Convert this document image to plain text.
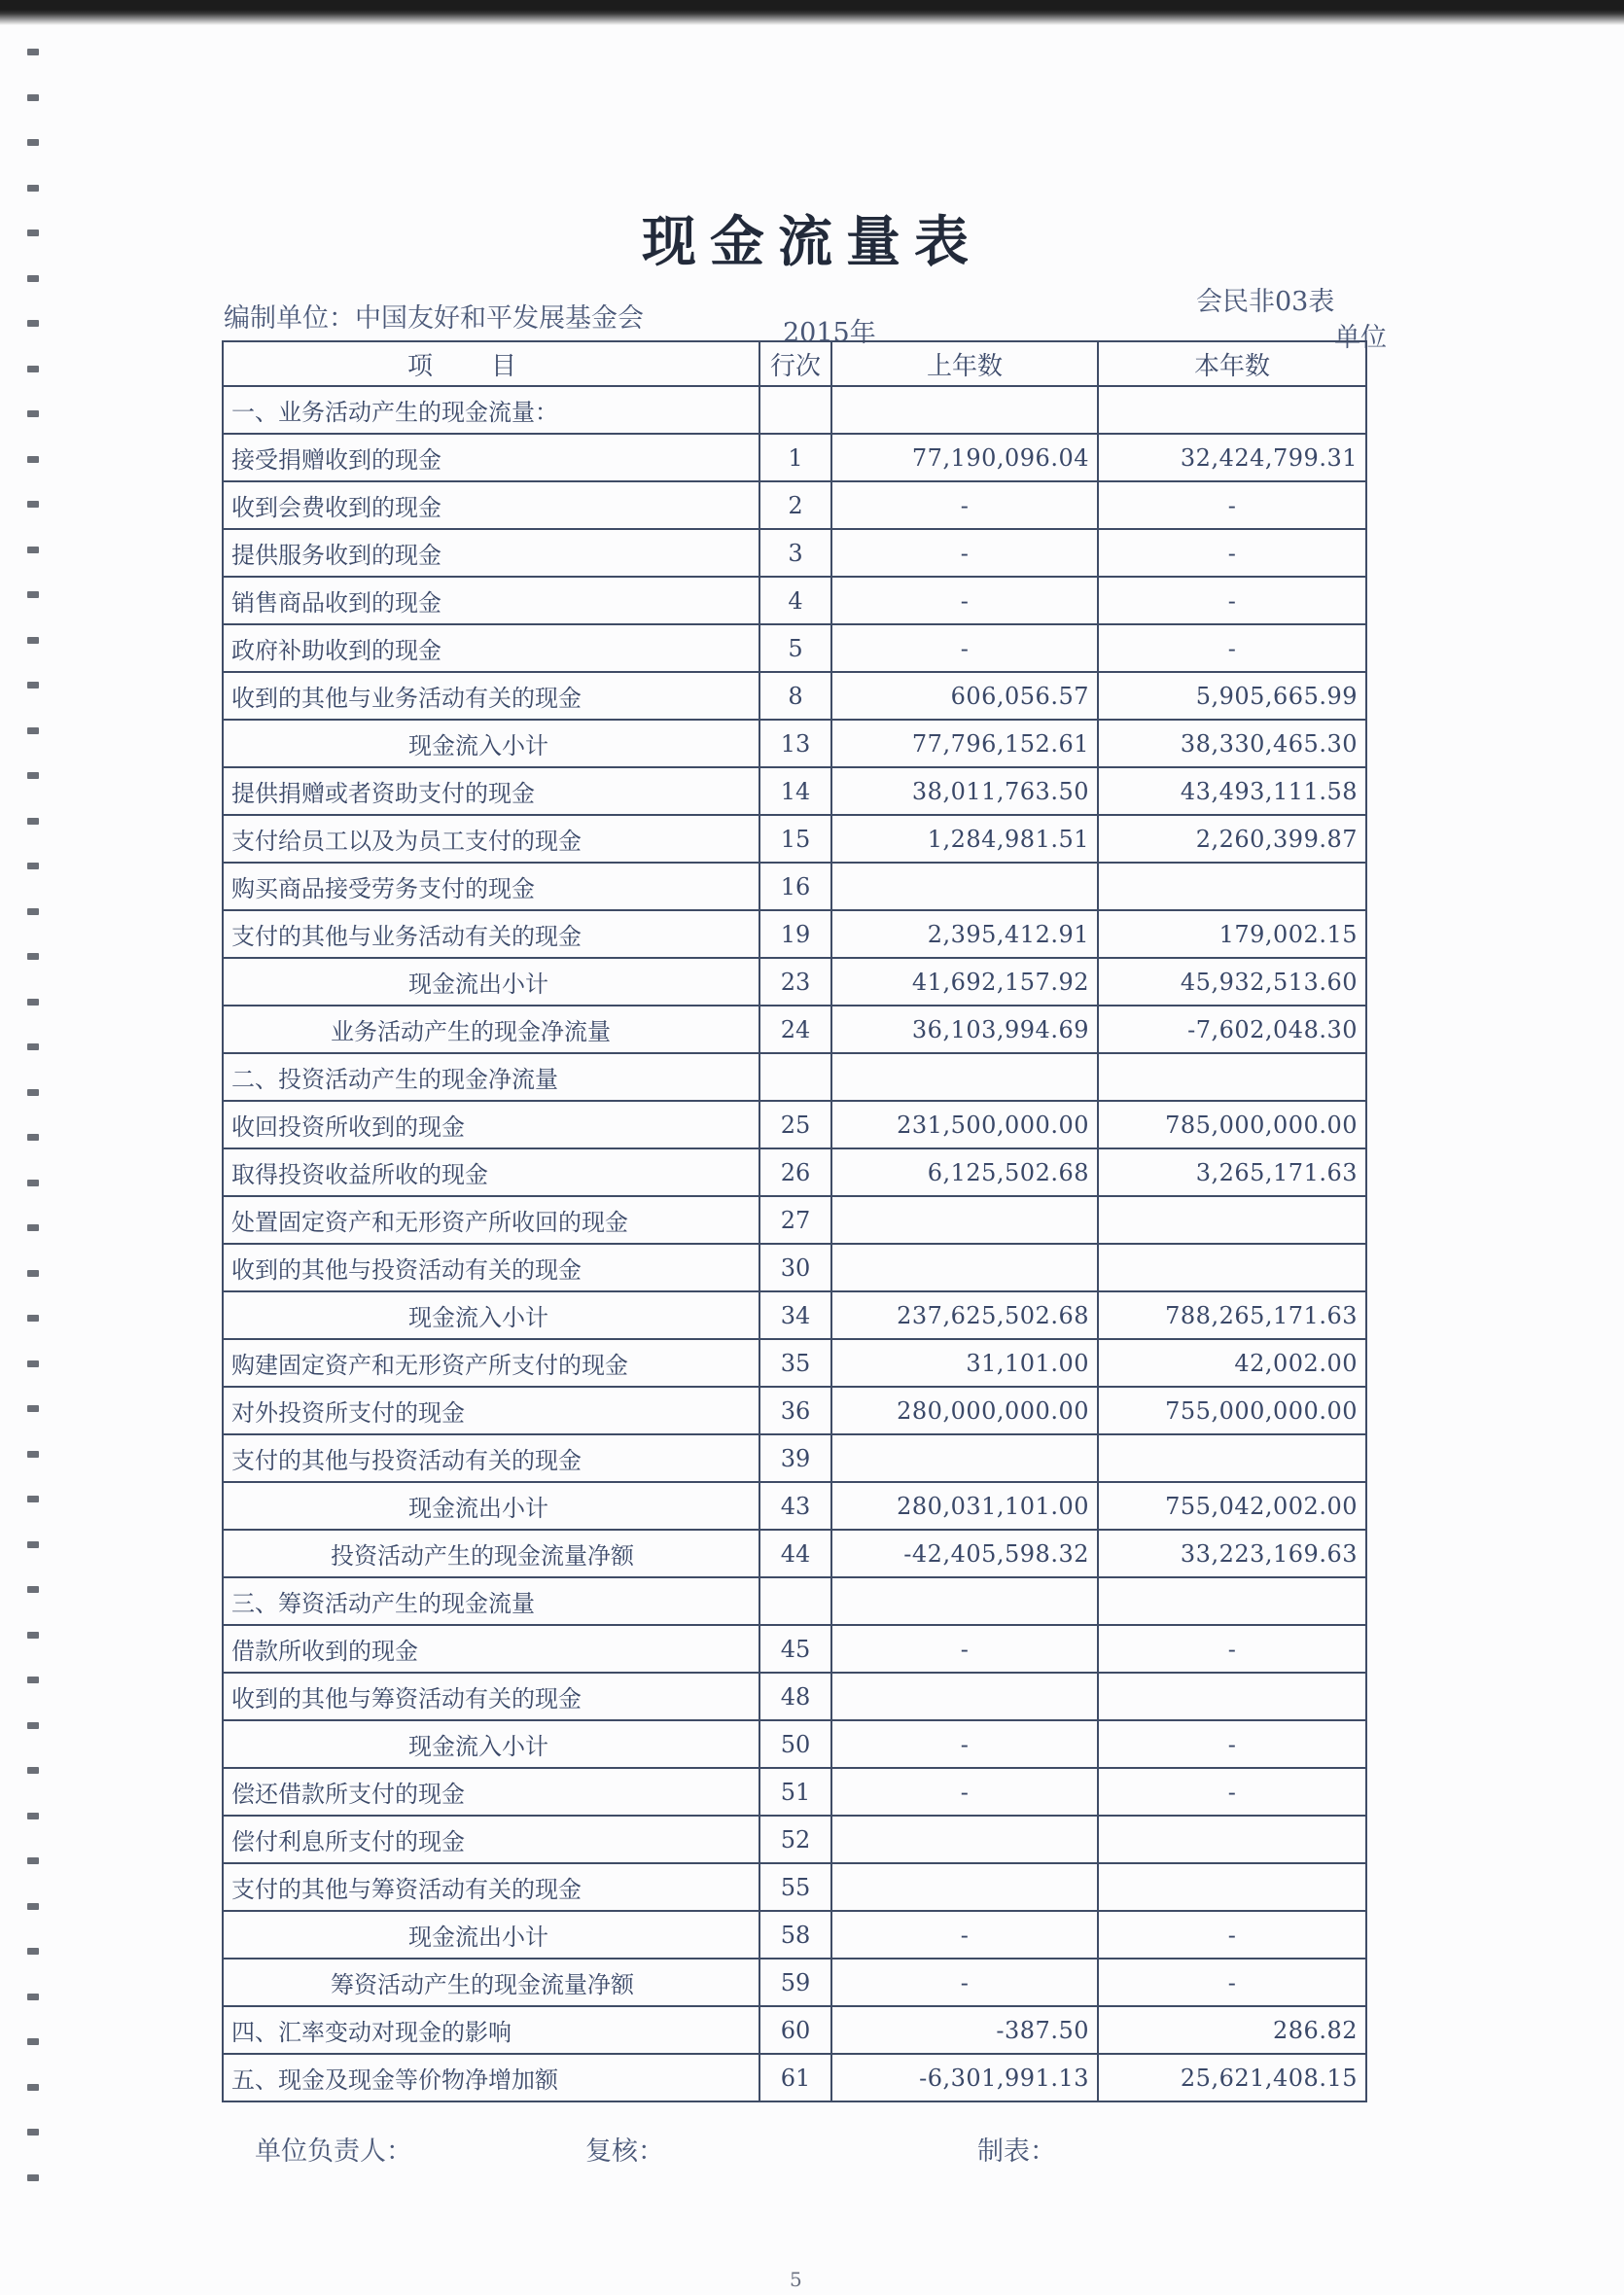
现金流量表
会民非03表
单位
编制单位：中国友好和平发展基金会	2015年
项目	行次	上年数	本年数
一、业务活动产生的现金流量：			
接受捐赠收到的现金	1	77,190,096.04	32,424,799.31
收到会费收到的现金	2	-	-
提供服务收到的现金	3	-	-
销售商品收到的现金	4	-	-
政府补助收到的现金	5	-	-
收到的其他与业务活动有关的现金	8	606,056.57	5,905,665.99
现金流入小计	13	77,796,152.61	38,330,465.30
提供捐赠或者资助支付的现金	14	38,011,763.50	43,493,111.58
支付给员工以及为员工支付的现金	15	1,284,981.51	2,260,399.87
购买商品接受劳务支付的现金	16		
支付的其他与业务活动有关的现金	19	2,395,412.91	179,002.15
现金流出小计	23	41,692,157.92	45,932,513.60
业务活动产生的现金净流量	24	36,103,994.69	-7,602,048.30
二、投资活动产生的现金净流量			
收回投资所收到的现金	25	231,500,000.00	785,000,000.00
取得投资收益所收的现金	26	6,125,502.68	3,265,171.63
处置固定资产和无形资产所收回的现金	27		
收到的其他与投资活动有关的现金	30		
现金流入小计	34	237,625,502.68	788,265,171.63
购建固定资产和无形资产所支付的现金	35	31,101.00	42,002.00
对外投资所支付的现金	36	280,000,000.00	755,000,000.00
支付的其他与投资活动有关的现金	39		
现金流出小计	43	280,031,101.00	755,042,002.00
投资活动产生的现金流量净额	44	-42,405,598.32	33,223,169.63
三、筹资活动产生的现金流量			
借款所收到的现金	45	-	-
收到的其他与筹资活动有关的现金	48		
现金流入小计	50	-	-
偿还借款所支付的现金	51	-	-
偿付利息所支付的现金	52		
支付的其他与筹资活动有关的现金	55		
现金流出小计	58	-	-
筹资活动产生的现金流量净额	59	-	-
四、汇率变动对现金的影响	60	-387.50	286.82
五、现金及现金等价物净增加额	61	-6,301,991.13	25,621,408.15
单位负责人：	复核：	制表：
5
